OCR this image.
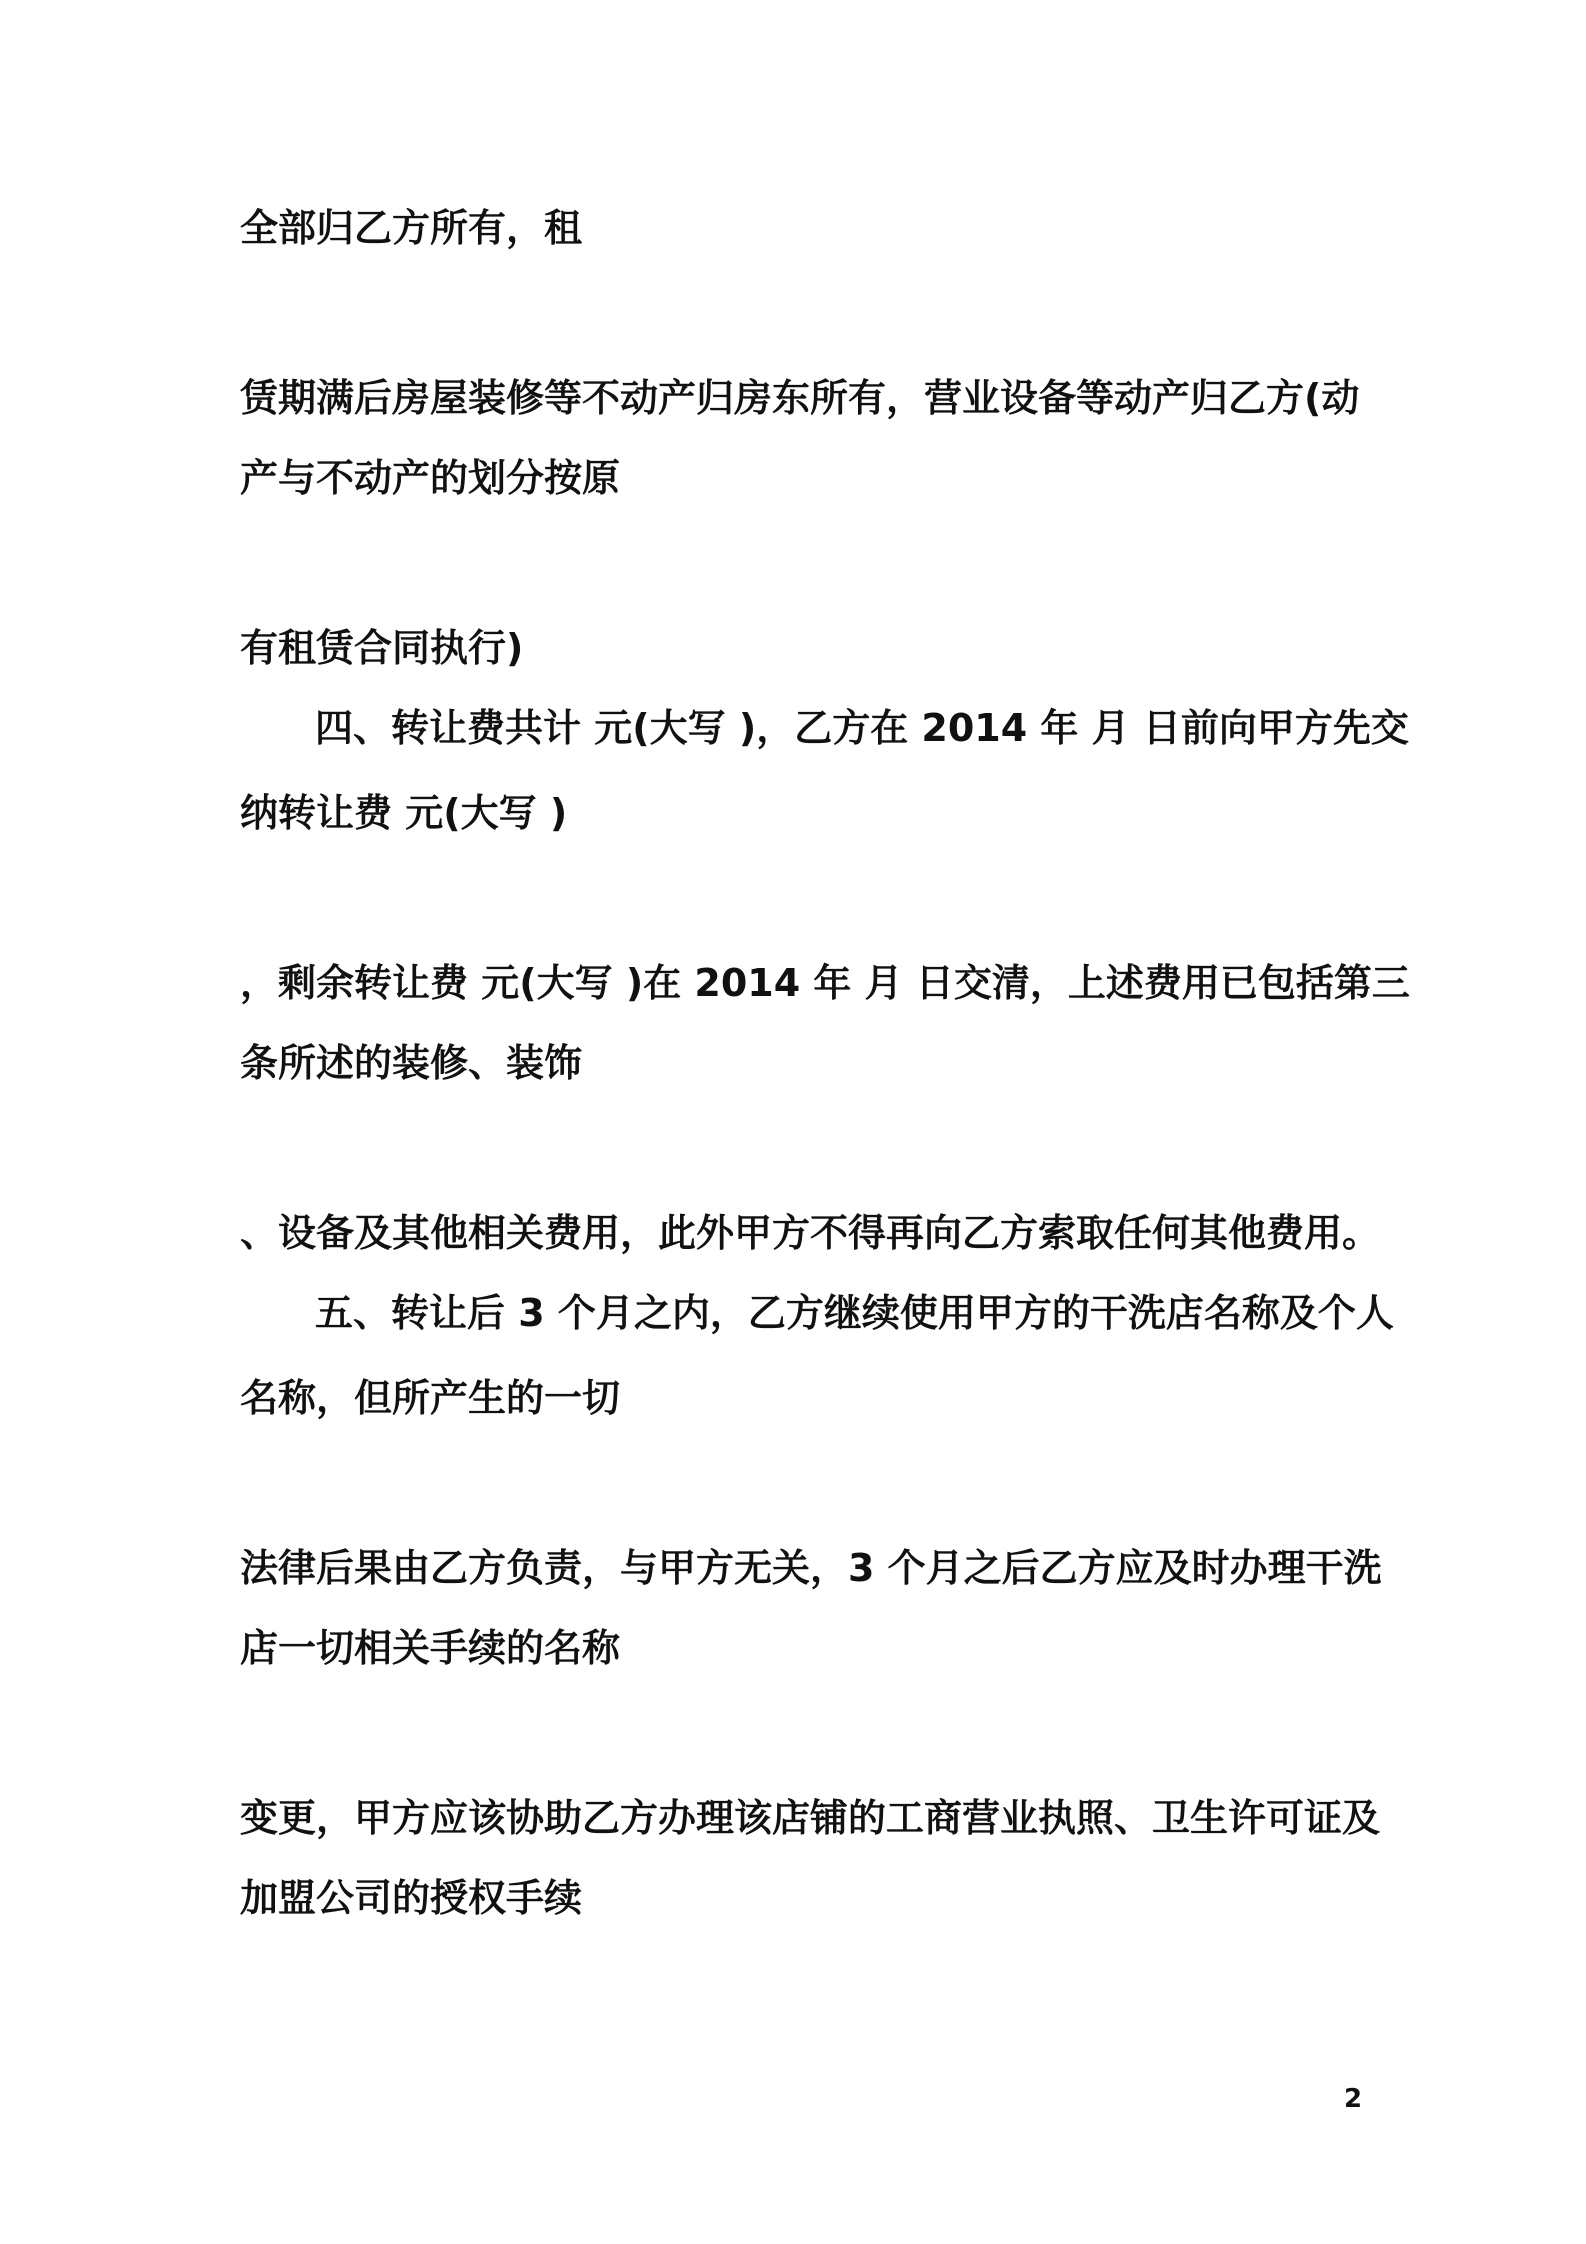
全部归乙方所有，租
赁期满后房屋装修等不动产归房东所有，营业设备等动产归乙方(动
产与不动产的划分按原
有租赁合同执行)
四、转让费共计 元(大写 )，乙方在 2014 年 月 日前向甲方先交
纳转让费 元(大写 )
，剩余转让费 元(大写 )在 2014 年 月 日交清，上述费用已包括第三
条所述的装修、装饰
、设备及其他相关费用，此外甲方不得再向乙方索取任何其他费用。
五、转让后 3 个月之内，乙方继续使用甲方的干洗店名称及个人
名称，但所产生的一切
法律后果由乙方负责，与甲方无关，3 个月之后乙方应及时办理干洗
店一切相关手续的名称
变更，甲方应该协助乙方办理该店铺的工商营业执照、卫生许可证及
加盟公司的授权手续
2
